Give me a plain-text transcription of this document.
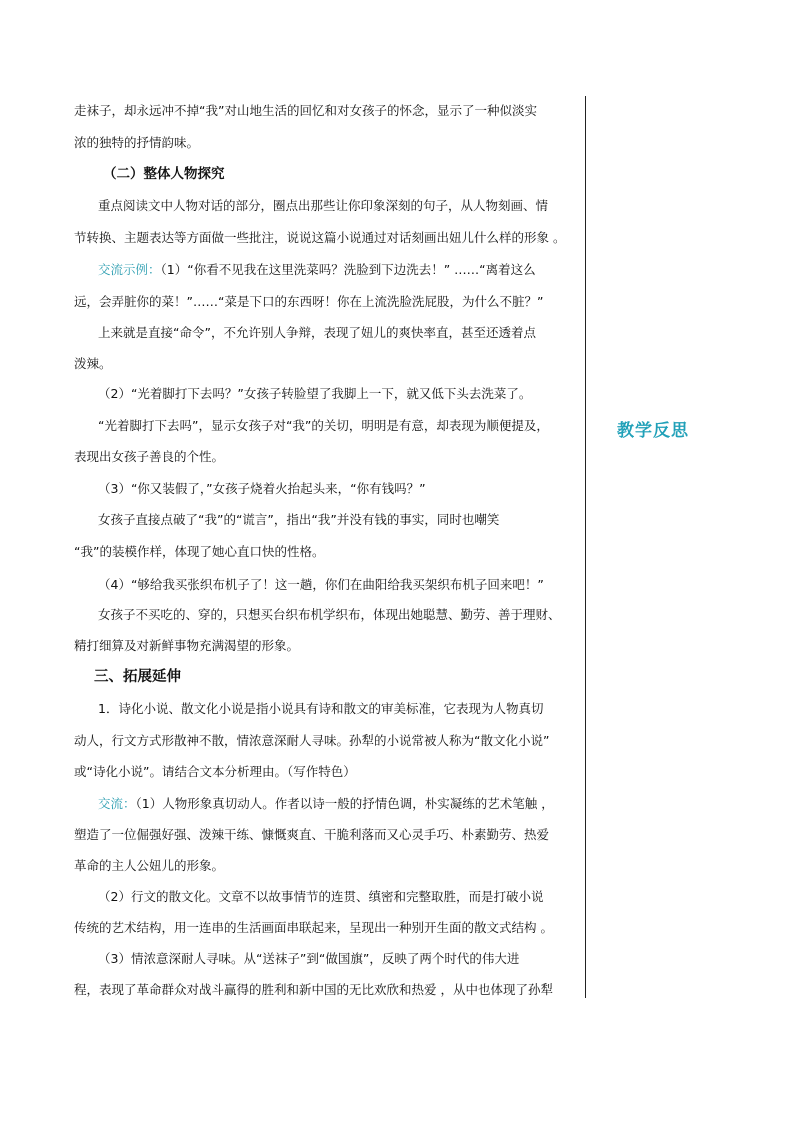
教学反思
走袜子，却永远冲不掉“我”对山地生活的回忆和对女孩子的怀念，显示了一种似淡实
浓的独特的抒情韵味。
（二）整体人物探究
重点阅读文中人物对话的部分，圈点出那些让你印象深刻的句子，从人物刻画、情
节转换、主题表达等方面做一些批注，说说这篇小说通过对话刻画出妞儿什么样的形象 。
交流示例：（1）“你看不见我在这里洗菜吗？洗脸到下边洗去！” ……“离着这么
远，会弄脏你的菜！”……“菜是下口的东西呀！你在上流洗脸洗屁股，为什么不脏？”
上来就是直接“命令”，不允许别人争辩，表现了妞儿的爽快率直，甚至还透着点
泼辣。
（2）“光着脚打下去吗？”女孩子转脸望了我脚上一下，就又低下头去洗菜了。
“光着脚打下去吗”，显示女孩子对“我”的关切，明明是有意，却表现为顺便提及，
表现出女孩子善良的个性。
（3）“你又装假了，”女孩子烧着火抬起头来，“你有钱吗？”
女孩子直接点破了“我”的“谎言”，指出“我”并没有钱的事实，同时也嘲笑
“我”的装模作样，体现了她心直口快的性格。
（4）“够给我买张织布机子了！这一趟，你们在曲阳给我买架织布机子回来吧！”
女孩子不买吃的、穿的，只想买台织布机学织布，体现出她聪慧、勤劳、善于理财、
精打细算及对新鲜事物充满渴望的形象。
三、拓展延伸
1．诗化小说、散文化小说是指小说具有诗和散文的审美标准，它表现为人物真切
动人，行文方式形散神不散，情浓意深耐人寻味。孙犁的小说常被人称为“散文化小说”
或“诗化小说”。请结合文本分析理由。（写作特色）
交流：（1）人物形象真切动人。作者以诗一般的抒情色调，朴实凝练的艺术笔触 ，
塑造了一位倔强好强、泼辣干练、慷慨爽直、干脆利落而又心灵手巧、朴素勤劳、热爱
革命的主人公妞儿的形象。
（2）行文的散文化。文章不以故事情节的连贯、缜密和完整取胜，而是打破小说
传统的艺术结构，用一连串的生活画面串联起来，呈现出一种别开生面的散文式结构 。
（3）情浓意深耐人寻味。从“送袜子”到“做国旗”，反映了两个时代的伟大进
程，表现了革命群众对战斗赢得的胜利和新中国的无比欢欣和热爱 ，从中也体现了孙犁
